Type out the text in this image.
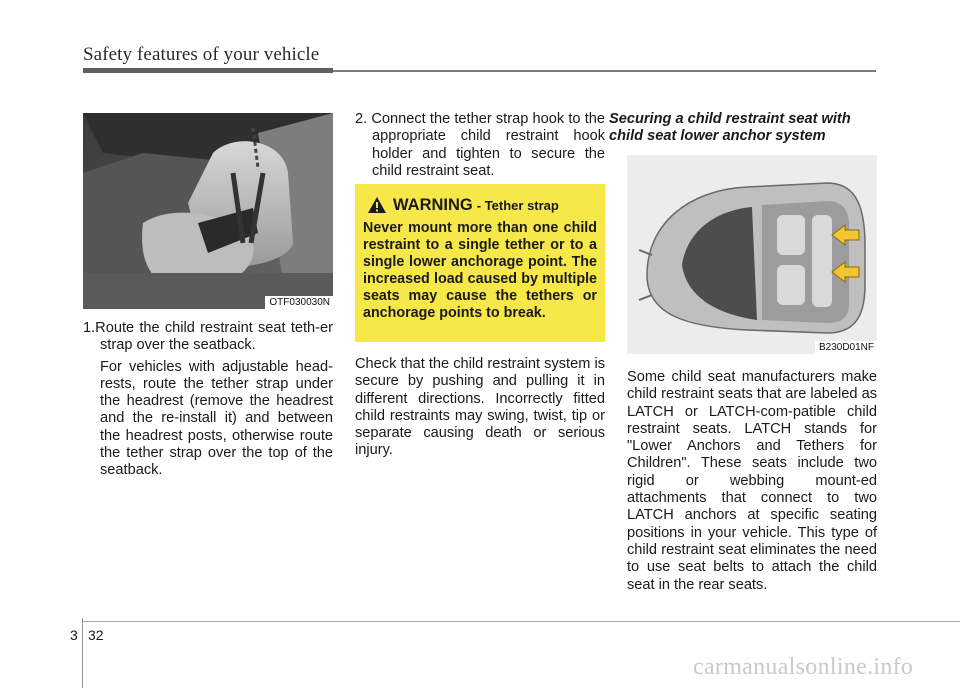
Safety features of your vehicle
OTF030030N

1.Route the child restraint seat teth-er strap over the seatback.

For vehicles with adjustable head-rests, route the tether strap under the headrest (remove the headrest and the re-install it) and between the headrest posts, otherwise route the tether strap over the top of the seatback.

2. Connect the tether strap hook to the appropriate child restraint hook holder and tighten to secure the child restraint seat.

WARNING - Tether strap

Never mount more than one child restraint to a single tether or to a single lower anchorage point. The increased load caused by multiple seats may cause the tethers or anchorage points to break.

Check that the child restraint system is secure by pushing and pulling it in different directions. Incorrectly fitted child restraints may swing, twist, tip or separate causing death or serious injury.

Securing a child restraint seat with child seat lower anchor system
B230D01NF

Some child seat manufacturers make child restraint seats that are labeled as LATCH or LATCH-com-patible child restraint seats. LATCH stands for "Lower Anchors and Tethers for Children". These seats include two rigid or webbing mount-ed attachments that connect to two LATCH anchors at specific seating positions in your vehicle. This type of child restraint seat eliminates the need to use seat belts to attach the child seat in the rear seats.

3 32
carmanualsonline.info
